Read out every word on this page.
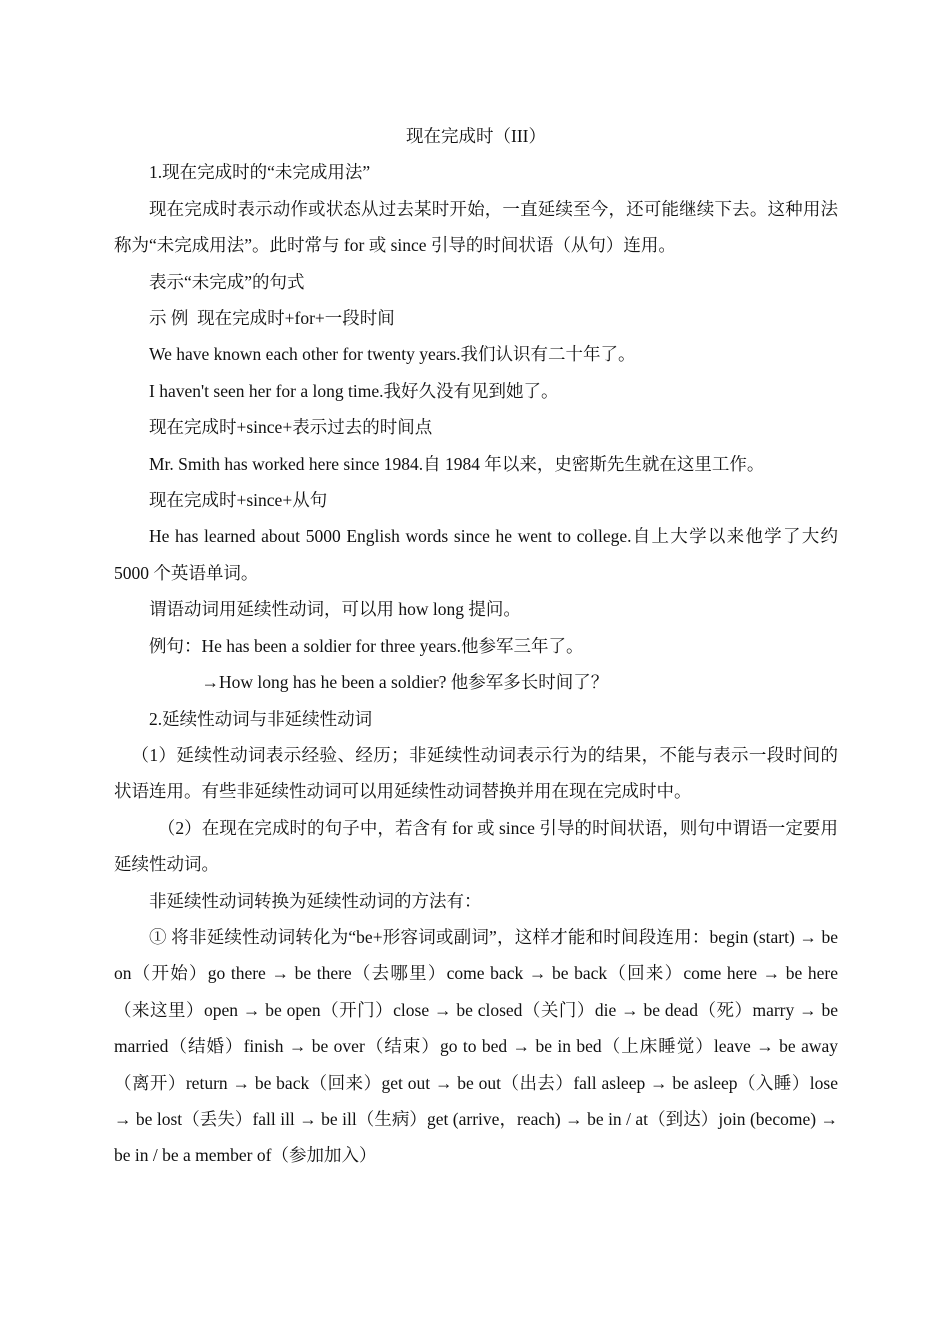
现在完成时（III）

1.现在完成时的“未完成用法”

现在完成时表示动作或状态从过去某时开始，一直延续至今，还可能继续下去。这种用法称为“未完成用法”。此时常与 for 或 since 引导的时间状语（从句）连用。

表示“未完成”的句式

示 例  现在完成时+for+一段时间

We have known each other for twenty years.我们认识有二十年了。

I haven't seen her for a long time.我好久没有见到她了。

现在完成时+since+表示过去的时间点

Mr. Smith has worked here since 1984.自 1984 年以来，史密斯先生就在这里工作。

现在完成时+since+从句

He has learned about 5000 English words since he went to college.自上大学以来他学了大约 5000 个英语单词。

谓语动词用延续性动词，可以用 how long 提问。

例句：He has been a soldier for three years.他参军三年了。

→How long has he been a soldier? 他参军多长时间了？

2.延续性动词与非延续性动词

（1）延续性动词表示经验、经历；非延续性动词表示行为的结果，不能与表示一段时间的状语连用。有些非延续性动词可以用延续性动词替换并用在现在完成时中。

（2）在现在完成时的句子中，若含有 for 或 since 引导的时间状语，则句中谓语一定要用延续性动词。

非延续性动词转换为延续性动词的方法有：

① 将非延续性动词转化为“be+形容词或副词”，这样才能和时间段连用：begin (start) → be on（开始）go there → be there（去哪里）come back → be back（回来）come here → be here（来这里）open → be open（开门）close → be closed（关门）die → be dead（死）marry → be married（结婚）finish → be over（结束）go to bed → be in bed（上床睡觉）leave → be away（离开）return → be back（回来）get out → be out（出去）fall asleep → be asleep（入睡）lose → be lost（丢失）fall ill → be ill（生病）get (arrive，reach) → be in / at（到达）join (become) → be in / be a member of（参加加入）
